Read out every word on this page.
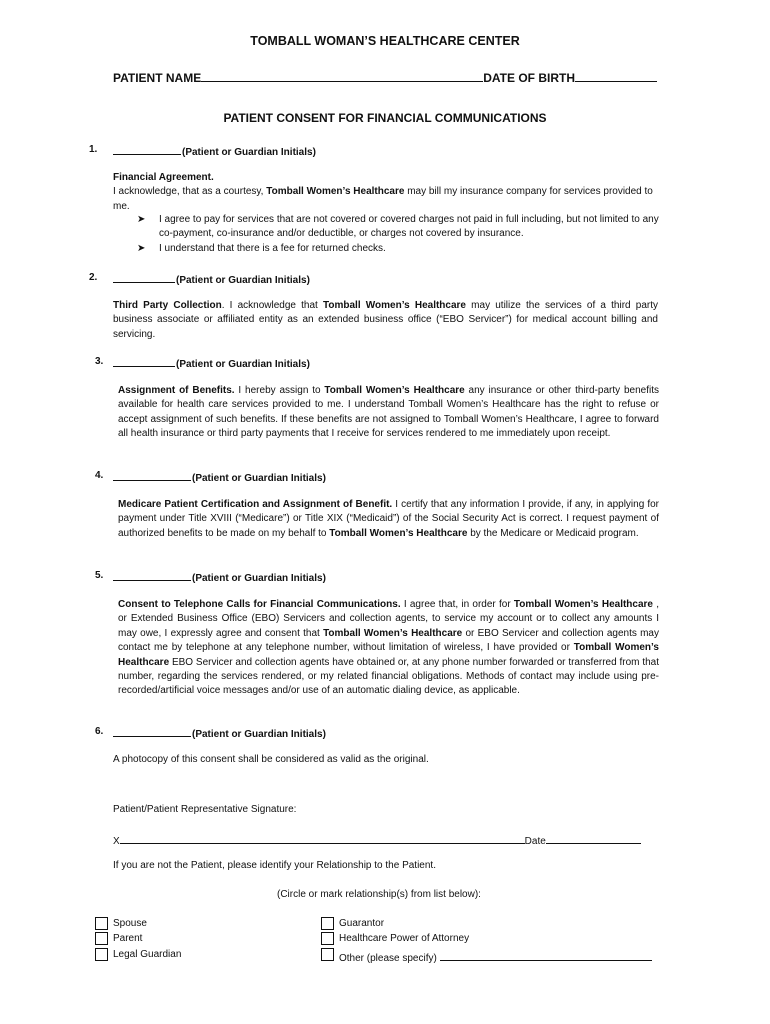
TOMBALL WOMAN’S HEALTHCARE CENTER
PATIENT NAME	DATE OF BIRTH
PATIENT CONSENT FOR FINANCIAL COMMUNICATIONS
1.	(Patient or Guardian Initials)
Financial Agreement.
I acknowledge, that as a courtesy, Tomball Women’s Healthcare may bill my insurance company for services provided to me.
➤ I agree to pay for services that are not covered or covered charges not paid in full including, but not limited to any co-payment, co-insurance and/or deductible, or charges not covered by insurance.
➤ I understand that there is a fee for returned checks.
2.	(Patient or Guardian Initials)
Third Party Collection. I acknowledge that Tomball Women’s Healthcare may utilize the services of a third party business associate or affiliated entity as an extended business office (“EBO Servicer”) for medical account billing and servicing.
3.	(Patient or Guardian Initials)
Assignment of Benefits. I hereby assign to Tomball Women’s Healthcare any insurance or other third-party benefits available for health care services provided to me. I understand Tomball Women’s Healthcare has the right to refuse or accept assignment of such benefits. If these benefits are not assigned to Tomball Women’s Healthcare, I agree to forward all health insurance or third party payments that I receive for services rendered to me immediately upon receipt.
4.	(Patient or Guardian Initials)
Medicare Patient Certification and Assignment of Benefit. I certify that any information I provide, if any, in applying for payment under Title XVIII (“Medicare”) or Title XIX (“Medicaid”) of the Social Security Act is correct. I request payment of authorized benefits to be made on my behalf to Tomball Women’s Healthcare by the Medicare or Medicaid program.
5.	(Patient or Guardian Initials)
Consent to Telephone Calls for Financial Communications. I agree that, in order for Tomball Women’s Healthcare , or Extended Business Office (EBO) Servicers and collection agents, to service my account or to collect any amounts I may owe, I expressly agree and consent that Tomball Women’s Healthcare or EBO Servicer and collection agents may contact me by telephone at any telephone number, without limitation of wireless, I have provided or Tomball Women’s Healthcare EBO Servicer and collection agents have obtained or, at any phone number forwarded or transferred from that number, regarding the services rendered, or my related financial obligations. Methods of contact may include using pre-recorded/artificial voice messages and/or use of an automatic dialing device, as applicable.
6.	(Patient or Guardian Initials)
A photocopy of this consent shall be considered as valid as the original.
Patient/Patient Representative Signature:
X	Date
If you are not the Patient, please identify your Relationship to the Patient.
(Circle or mark relationship(s) from list below):
Spouse
Parent
Legal Guardian
Guarantor
Healthcare Power of Attorney
Other (please specify)
